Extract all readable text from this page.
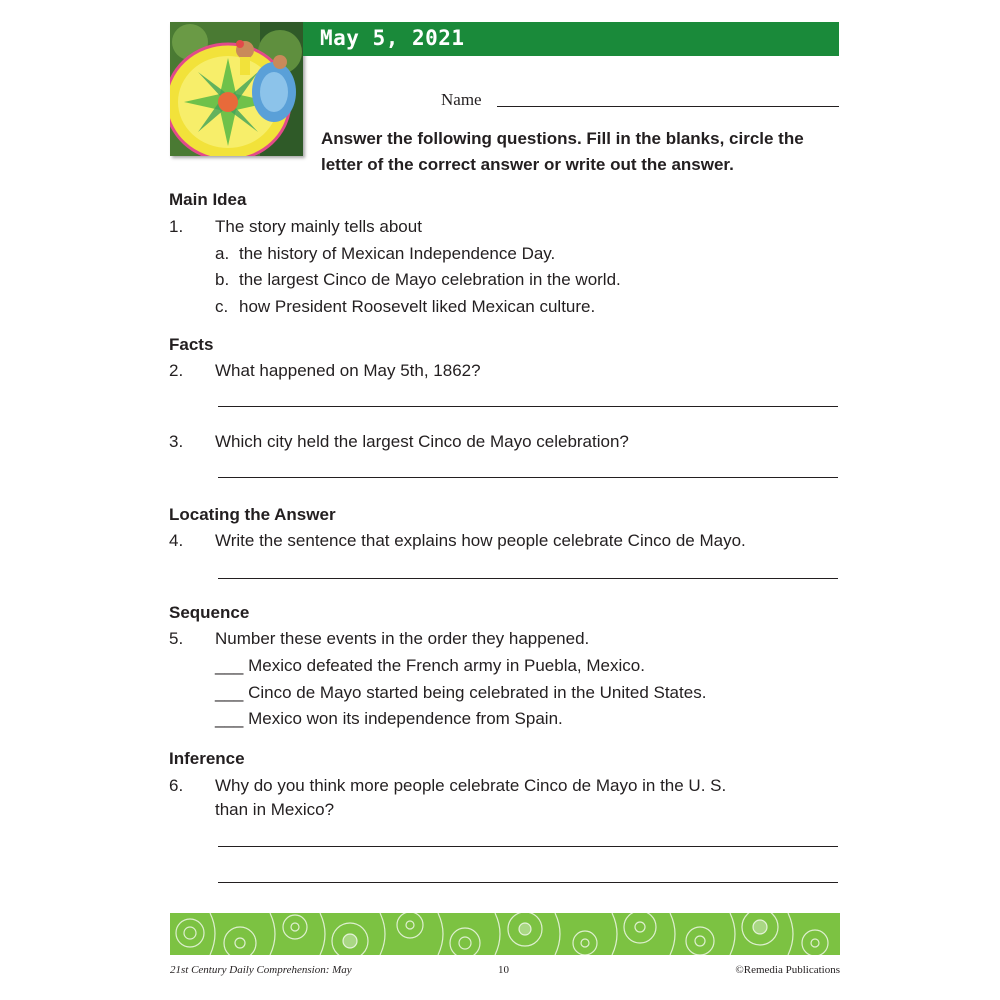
May 5, 2021
Name
Answer the following questions. Fill in the blanks, circle the letter of the correct answer or write out the answer.
Main Idea
1. The story mainly tells about
a. the history of Mexican Independence Day.
b. the largest Cinco de Mayo celebration in the world.
c. how President Roosevelt liked Mexican culture.
Facts
2. What happened on May 5th, 1862?
3. Which city held the largest Cinco de Mayo celebration?
Locating the Answer
4. Write the sentence that explains how people celebrate Cinco de Mayo.
Sequence
5. Number these events in the order they happened.
___ Mexico defeated the French army in Puebla, Mexico.
___ Cinco de Mayo started being celebrated in the United States.
___ Mexico won its independence from Spain.
Inference
6. Why do you think more people celebrate Cinco de Mayo in the U. S.
than in Mexico?
21st Century Daily Comprehension: May	10	©Remedia Publications
